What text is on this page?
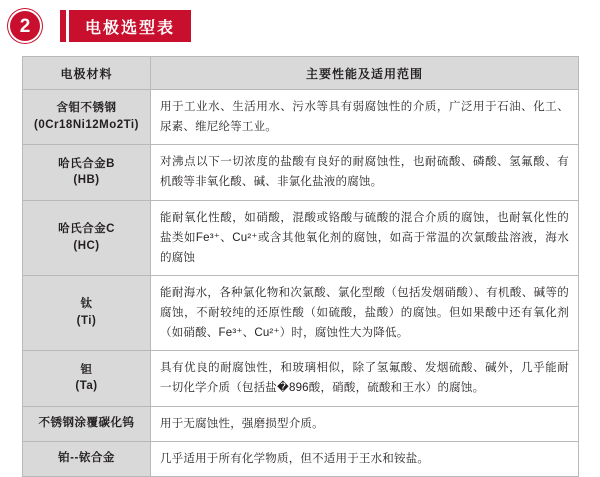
2	电极选型表
电极材料	主要性能及适用范围

含钼不锈钢
(0Cr18Ni12Mo2Ti)	用于工业水、生活用水、污水等具有弱腐蚀性的介质，广泛用于石油、化工、尿素、维尼纶等工业。

哈氏合金B
(HB)	对沸点以下一切浓度的盐酸有良好的耐腐蚀性，也耐硫酸、磷酸、氢氟酸、有机酸等非氧化酸、碱、非氯化盐液的腐蚀。

哈氏合金C
(HC)	能耐氧化性酸，如硝酸，混酸或铬酸与硫酸的混合介质的腐蚀，也耐氧化性的盐类如Fe³⁺、Cu²⁺或含其他氧化剂的腐蚀，如高于常温的次氯酸盐溶液，海水的腐蚀

钛
(Ti)	能耐海水，各种氯化物和次氯酸、氯化型酸（包括发烟硝酸）、有机酸、碱等的腐蚀，不耐较纯的还原性酸（如硫酸，盐酸）的腐蚀。但如果酸中还有氧化剂（如硝酸、Fe³⁺、Cu²⁺）时，腐蚀性大为降低。

钽
(Ta)	具有优良的耐腐蚀性，和玻璃相似，除了氢氟酸、发烟硫酸、碱外，几乎能耐一切化学介质（包括盐�896酸，硝酸，硫酸和王水）的腐蚀。

不锈钢涂覆碳化钨	用于无腐蚀性，强磨损型介质。

铂--铱合金	几乎适用于所有化学物质，但不适用于王水和铵盐。
